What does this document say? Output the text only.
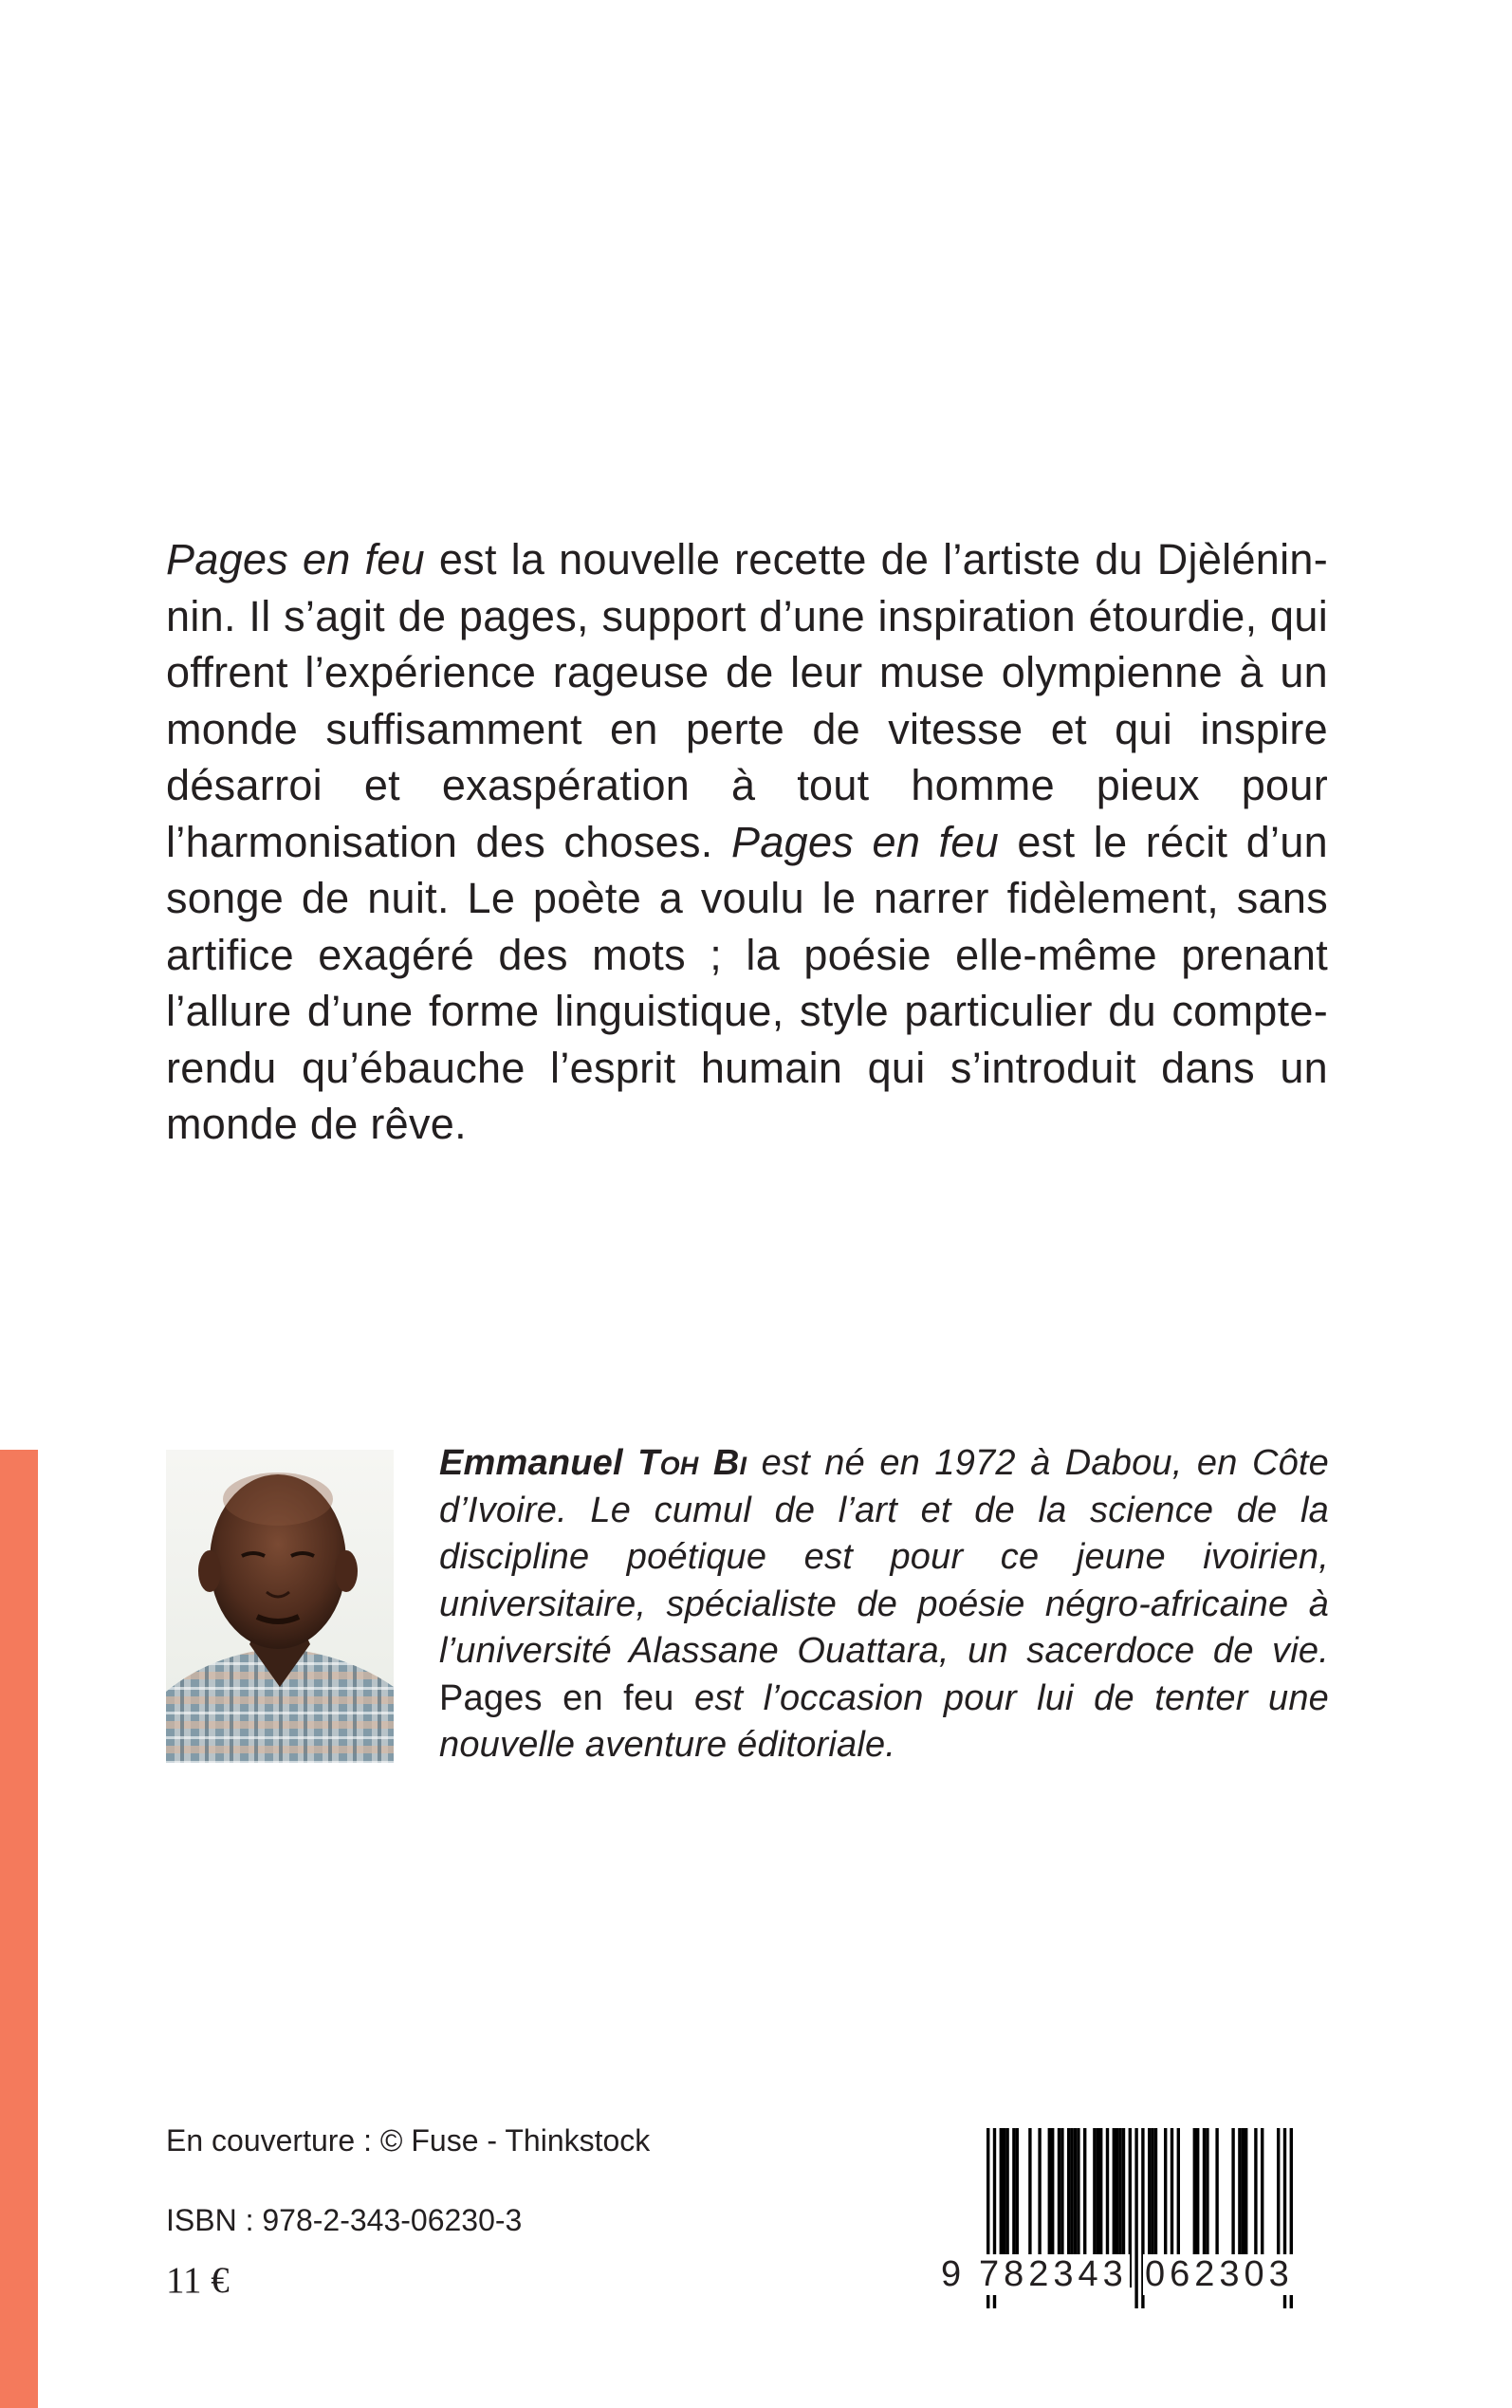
Pages en feu est la nouvelle recette de l’artiste du Djèlénin-nin. Il s’agit de pages, support d’une inspiration étourdie, qui offrent l’expérience rageuse de leur muse olympienne à un monde suffisamment en perte de vitesse et qui inspire désarroi et exaspération à tout homme pieux pour l’harmonisation des choses. Pages en feu est le récit d’un songe de nuit. Le poète a voulu le narrer fidèlement, sans artifice exagéré des mots ; la poésie elle-même prenant l’allure d’une forme linguistique, style particulier du compte-rendu qu’ébauche l’esprit humain qui s’introduit dans un monde de rêve.

Emmanuel Toh Bi est né en 1972 à Dabou, en Côte d’Ivoire. Le cumul de l’art et de la science de la discipline poétique est pour ce jeune ivoirien, universitaire, spécialiste de poésie négro-africaine à l’université Alassane Ouattara, un sacerdoce de vie. Pages en feu est l’occasion pour lui de tenter une nouvelle aventure éditoriale.

En couverture : © Fuse - Thinkstock

ISBN : 978-2-343-06230-3

11 €	9 782343 062303
